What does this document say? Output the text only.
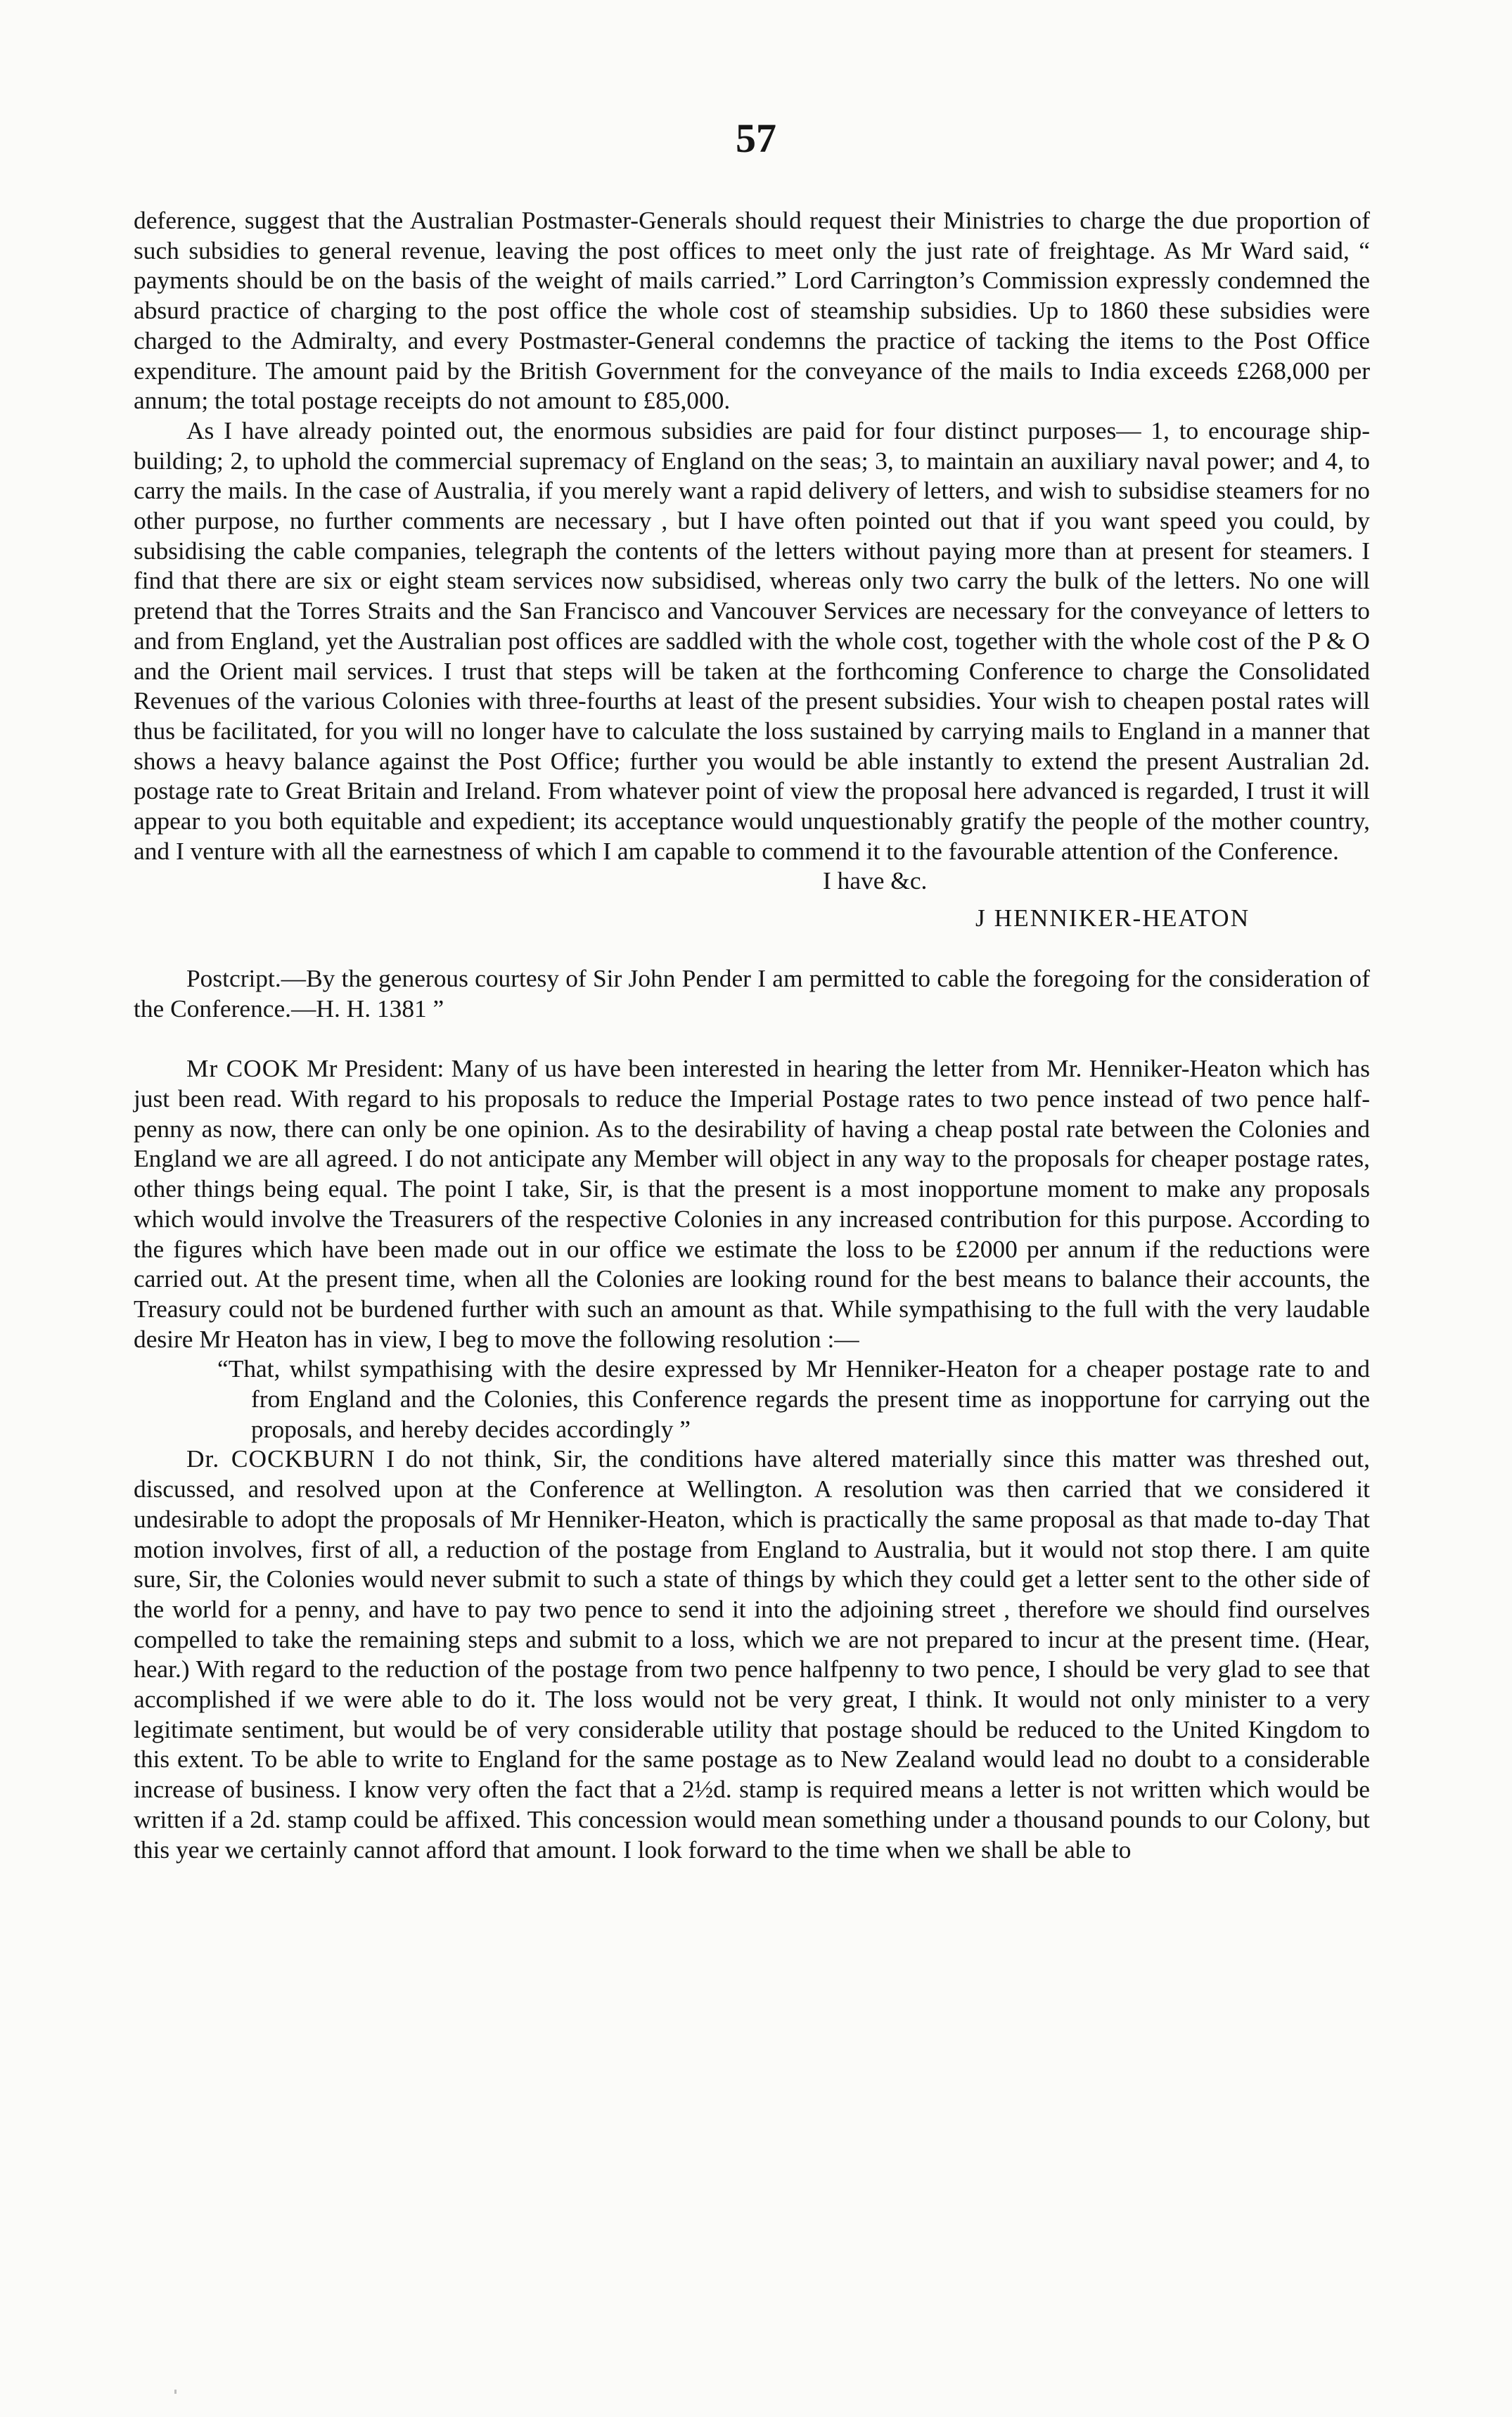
57

deference, suggest that the Australian Postmaster-Generals should request their Ministries to charge the due proportion of such subsidies to general revenue, leaving the post offices to meet only the just rate of freightage. As Mr Ward said, “ payments should be on the basis of the weight of mails carried.” Lord Carrington’s Commission expressly condemned the absurd practice of charging to the post office the whole cost of steamship subsidies. Up to 1860 these subsidies were charged to the Admiralty, and every Postmaster-General condemns the practice of tacking the items to the Post Office expenditure. The amount paid by the British Government for the conveyance of the mails to India exceeds £268,000 per annum; the total postage receipts do not amount to £85,000.

As I have already pointed out, the enormous subsidies are paid for four distinct purposes— 1, to encourage ship-building; 2, to uphold the commercial supremacy of England on the seas; 3, to maintain an auxiliary naval power; and 4, to carry the mails. In the case of Australia, if you merely want a rapid delivery of letters, and wish to subsidise steamers for no other purpose, no further comments are necessary , but I have often pointed out that if you want speed you could, by subsidising the cable companies, telegraph the contents of the letters without paying more than at present for steamers. I find that there are six or eight steam services now subsidised, whereas only two carry the bulk of the letters. No one will pretend that the Torres Straits and the San Francisco and Vancouver Services are necessary for the conveyance of letters to and from England, yet the Australian post offices are saddled with the whole cost, together with the whole cost of the P & O and the Orient mail services. I trust that steps will be taken at the forthcoming Conference to charge the Consolidated Revenues of the various Colonies with three-fourths at least of the present subsidies. Your wish to cheapen postal rates will thus be facilitated, for you will no longer have to calculate the loss sustained by carrying mails to England in a manner that shows a heavy balance against the Post Office; further you would be able instantly to extend the present Australian 2d. postage rate to Great Britain and Ireland. From whatever point of view the proposal here advanced is regarded, I trust it will appear to you both equitable and expedient; its acceptance would unquestionably gratify the people of the mother country, and I venture with all the earnestness of which I am capable to commend it to the favourable attention of the Conference.

I have &c.

J HENNIKER-HEATON

Postcript.—By the generous courtesy of Sir John Pender I am permitted to cable the foregoing for the consideration of the Conference.—H. H. 1381 ”

Mr COOK Mr President: Many of us have been interested in hearing the letter from Mr. Henniker-Heaton which has just been read. With regard to his proposals to reduce the Imperial Postage rates to two pence instead of two pence half-penny as now, there can only be one opinion. As to the desirability of having a cheap postal rate between the Colonies and England we are all agreed. I do not anticipate any Member will object in any way to the proposals for cheaper postage rates, other things being equal. The point I take, Sir, is that the present is a most inopportune moment to make any proposals which would involve the Treasurers of the respective Colonies in any increased contribution for this purpose. According to the figures which have been made out in our office we estimate the loss to be £2000 per annum if the reductions were carried out. At the present time, when all the Colonies are looking round for the best means to balance their accounts, the Treasury could not be burdened further with such an amount as that. While sympathising to the full with the very laudable desire Mr Heaton has in view, I beg to move the following resolution :—

“That, whilst sympathising with the desire expressed by Mr Henniker-Heaton for a cheaper postage rate to and from England and the Colonies, this Conference regards the present time as inopportune for carrying out the proposals, and hereby decides accordingly ”

Dr. COCKBURN I do not think, Sir, the conditions have altered materially since this matter was threshed out, discussed, and resolved upon at the Conference at Wellington. A resolution was then carried that we considered it undesirable to adopt the proposals of Mr Henniker-Heaton, which is practically the same proposal as that made to-day That motion involves, first of all, a reduction of the postage from England to Australia, but it would not stop there. I am quite sure, Sir, the Colonies would never submit to such a state of things by which they could get a letter sent to the other side of the world for a penny, and have to pay two pence to send it into the adjoining street , therefore we should find ourselves compelled to take the remaining steps and submit to a loss, which we are not prepared to incur at the present time. (Hear, hear.) With regard to the reduction of the postage from two pence halfpenny to two pence, I should be very glad to see that accomplished if we were able to do it. The loss would not be very great, I think. It would not only minister to a very legitimate sentiment, but would be of very considerable utility that postage should be reduced to the United Kingdom to this extent. To be able to write to England for the same postage as to New Zealand would lead no doubt to a considerable increase of business. I know very often the fact that a 2½d. stamp is required means a letter is not written which would be written if a 2d. stamp could be affixed. This concession would mean something under a thousand pounds to our Colony, but this year we certainly cannot afford that amount. I look forward to the time when we shall be able to
